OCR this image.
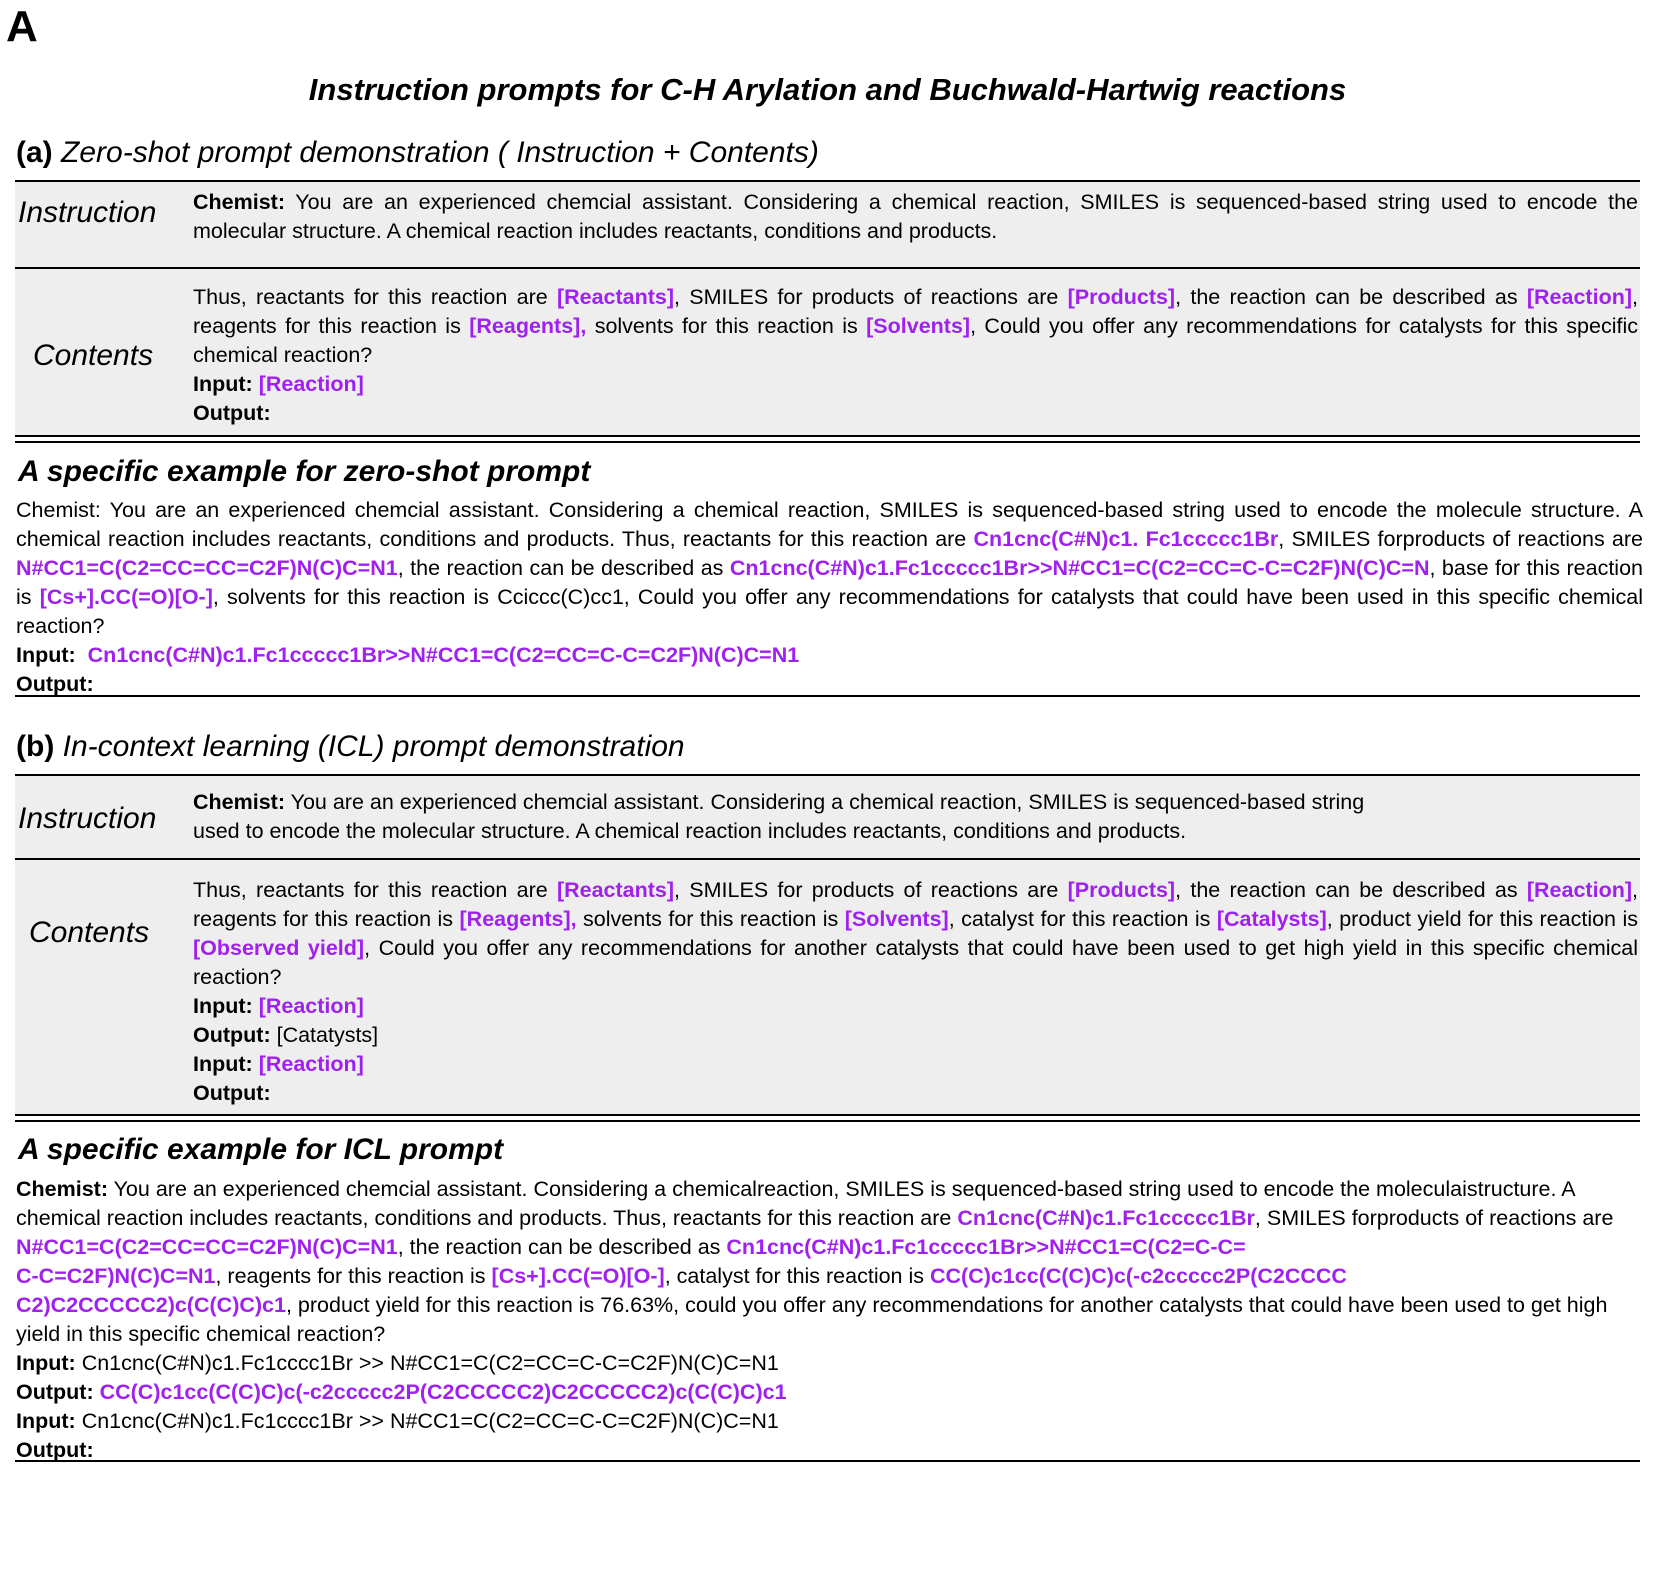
A
Instruction prompts for C-H Arylation and Buchwald-Hartwig reactions
(a) Zero-shot prompt demonstration ( Instruction + Contents)
Instruction Chemist: You are an experienced chemcial assistant. Considering a chemical reaction, SMILES is sequenced-based string used to encode the molecular structure. A chemical reaction includes reactants, conditions and products.
Contents
Thus, reactants for this reaction are [Reactants], SMILES for products of reactions are [Products], the reaction can be described as [Reaction], reagents for this reaction is [Reagents], solvents for this reaction is [Solvents], Could you offer any recommendations for catalysts for this specific chemical reaction?
Input: [Reaction]
Output:
A specific example for zero-shot prompt
Chemist: You are an experienced chemcial assistant. Considering a chemical reaction, SMILES is sequenced-based string used to encode the molecule structure. A chemical reaction includes reactants, conditions and products. Thus, reactants for this reaction are Cn1cnc(C#N)c1. Fc1ccccc1Br, SMILES forproducts of reactions are N#CC1=C(C2=CC=CC=C2F)N(C)C=N1, the reaction can be described as Cn1cnc(C#N)c1.Fc1ccccc1Br>>N#CC1=C(C2=CC=C-C=C2F)N(C)C=N, base for this reaction is [Cs+].CC(=O)[O-], solvents for this reaction is Cciccc(C)cc1, Could you offer any recommendations for catalysts that could have been used in this specific chemical reaction?
Input: Cn1cnc(C#N)c1.Fc1ccccc1Br>>N#CC1=C(C2=CC=C-C=C2F)N(C)C=N1
Output:
(b) In-context learning (ICL) prompt demonstration
Instruction Chemist: You are an experienced chemcial assistant. Considering a chemical reaction, SMILES is sequenced-based string
used to encode the molecular structure. A chemical reaction includes reactants, conditions and products.
Contents
Thus, reactants for this reaction are [Reactants], SMILES for products of reactions are [Products], the reaction can be described as [Reaction], reagents for this reaction is [Reagents], solvents for this reaction is [Solvents], catalyst for this reaction is [Catalysts], product yield for this reaction is [Observed yield], Could you offer any recommendations for another catalysts that could have been used to get high yield in this specific chemical reaction?
Input: [Reaction]
Output: [Catatysts]
Input: [Reaction]
Output:
A specific example for ICL prompt
Chemist: You are an experienced chemcial assistant. Considering a chemicalreaction, SMILES is sequenced-based string used to encode the moleculaistructure. A chemical reaction includes reactants, conditions and products. Thus, reactants for this reaction are Cn1cnc(C#N)c1.Fc1ccccc1Br, SMILES forproducts of reactions are N#CC1=C(C2=CC=CC=C2F)N(C)C=N1, the reaction can be described as Cn1cnc(C#N)c1.Fc1ccccc1Br>>N#CC1=C(C2=C-C=
C-C=C2F)N(C)C=N1, reagents for this reaction is [Cs+].CC(=O)[O-], catalyst for this reaction is CC(C)c1cc(C(C)C)c(-c2ccccc2P(C2CCCC
C2)C2CCCCC2)c(C(C)C)c1, product yield for this reaction is 76.63%, could you offer any recommendations for another catalysts that could have been used to get high yield in this specific chemical reaction?
Input: Cn1cnc(C#N)c1.Fc1cccc1Br >> N#CC1=C(C2=CC=C-C=C2F)N(C)C=N1
Output: CC(C)c1cc(C(C)C)c(-c2ccccc2P(C2CCCCC2)C2CCCCC2)c(C(C)C)c1
Input: Cn1cnc(C#N)c1.Fc1cccc1Br >> N#CC1=C(C2=CC=C-C=C2F)N(C)C=N1
Output:
